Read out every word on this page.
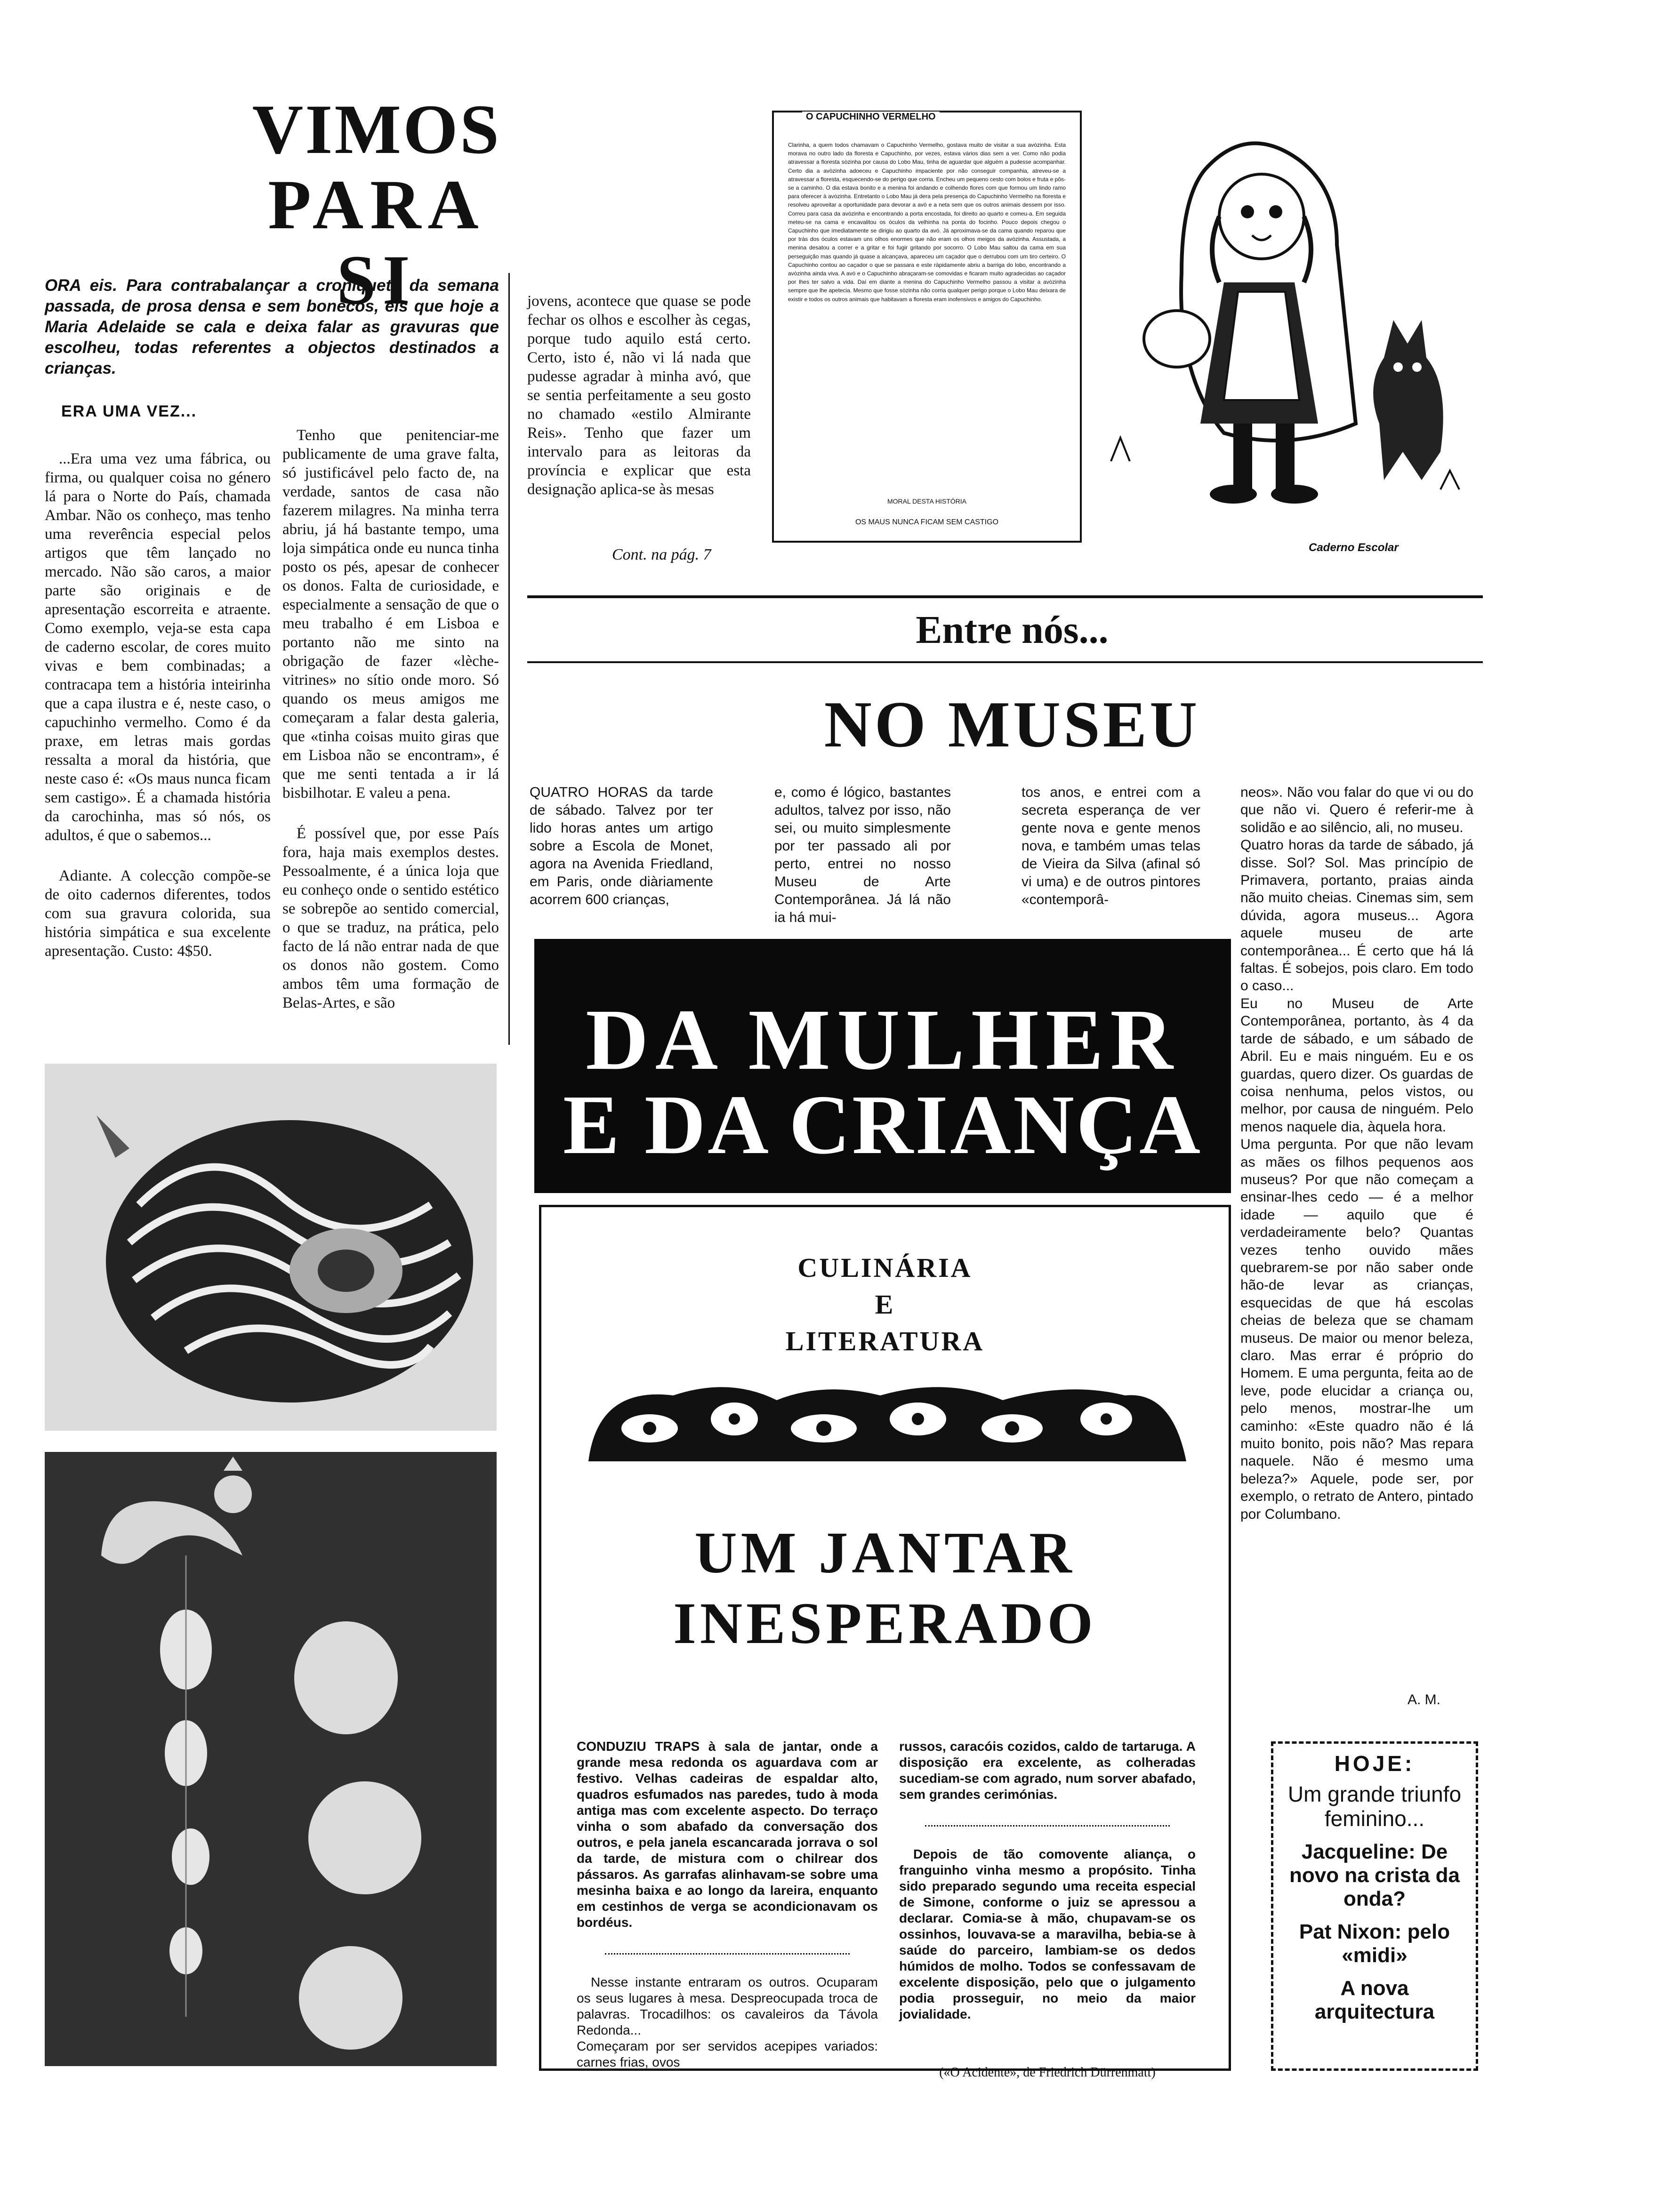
VIMOS
PARA SI
ORA eis. Para contrabalançar a croniqueta da semana passada, de prosa densa e sem bonecos, eis que hoje a Maria Adelaide se cala e deixa falar as gravuras que escolheu, todas referentes a objectos destinados a crianças.
ERA UMA VEZ...

...Era uma vez uma fábrica, ou firma, ou qualquer coisa no género lá para o Norte do País, chamada Ambar. Não os conheço, mas tenho uma reverência especial pelos artigos que têm lançado no mercado. Não são caros, a maior parte são originais e de apresentação escorreita e atraente. Como exemplo, veja-se esta capa de caderno escolar, de cores muito vivas e bem combinadas; a contracapa tem a história inteirinha que a capa ilustra e é, neste caso, o capuchinho vermelho. Como é da praxe, em letras mais gordas ressalta a moral da história, que neste caso é: «Os maus nunca ficam sem castigo». É a chamada história da carochinha, mas só nós, os adultos, é que o sabemos...

Adiante. A colecção compõe-se de oito cadernos diferentes, todos com sua gravura colorida, sua história simpática e sua excelente apresentação. Custo: 4$50.

Tenho que penitenciar-me publicamente de uma grave falta, só justificável pelo facto de, na verdade, santos de casa não fazerem milagres. Na minha terra abriu, já há bastante tempo, uma loja simpática onde eu nunca tinha posto os pés, apesar de conhecer os donos. Falta de curiosidade, e especialmente a sensação de que o meu trabalho é em Lisboa e portanto não me sinto na obrigação de fazer «lèche-vitrines» no sítio onde moro. Só quando os meus amigos me começaram a falar desta galeria, que «tinha coisas muito giras que em Lisboa não se encontram», é que me senti tentada a ir lá bisbilhotar. E valeu a pena.

É possível que, por esse País fora, haja mais exemplos destes. Pessoalmente, é a única loja que eu conheço onde o sentido estético se sobrepõe ao sentido comercial, o que se traduz, na prática, pelo facto de lá não entrar nada de que os donos não gostem. Como ambos têm uma formação de Belas-Artes, e são

jovens, acontece que quase se pode fechar os olhos e escolher às cegas, porque tudo aquilo está certo. Certo, isto é, não vi lá nada que pudesse agradar à minha avó, que se sentia perfeitamente a seu gosto no chamado «estilo Almirante Reis». Tenho que fazer um intervalo para as leitoras da província e explicar que esta designação aplica-se às mesas

Cont. na pág. 7
O CAPUCHINHO VERMELHO
Clarinha, a quem todos chamavam o Capuchinho Vermelho, gostava muito de visitar a sua avòzinha. Esta morava no outro lado da floresta e Capuchinho, por vezes, estava vários dias sem a ver. Como não podia atravessar a floresta sòzinha por causa do Lobo Mau, tinha de aguardar que alguém a pudesse acompanhar. Certo dia a avòzinha adoeceu e Capuchinho impaciente por não conseguir companhia, atreveu-se a atravessar a floresta, esquecendo-se do perigo que corria. Encheu um pequeno cesto com bolos e fruta e pôs-se a caminho. O dia estava bonito e a menina foi andando e colhendo flores com que formou um lindo ramo para oferecer à avòzinha. Entretanto o Lobo Mau já dera pela presença do Capuchinho Vermelho na floresta e resolveu aproveitar a oportunidade para devorar a avó e a neta sem que os outros animais dessem por isso. Correu para casa da avòzinha e encontrando a porta encostada, foi direito ao quarto e comeu-a. Em seguida meteu-se na cama e encavalitou os óculos da velhinha na ponta do focinho. Pouco depois chegou o Capuchinho que imediatamente se dirigiu ao quarto da avó. Já aproximava-se da cama quando reparou que por trás dos óculos estavam uns olhos enormes que não eram os olhos meigos da avòzinha. Assustada, a menina desatou a correr e a gritar e foi fugir gritando por socorro. O Lobo Mau saltou da cama em sua perseguição mas quando já quase a alcançava, apareceu um caçador que o derrubou com um tiro certeiro. O Capuchinho contou ao caçador o que se passara e este ràpidamente abriu a barriga do lobo, encontrando a avòzinha ainda viva. A avó e o Capuchinho abraçaram-se comovidas e ficaram muito agradecidas ao caçador por lhes ter salvo a vida. Daí em diante a menina do Capuchinho Vermelho passou a visitar a avòzinha sempre que lhe apetecia. Mesmo que fosse sòzinha não corria qualquer perigo porque o Lobo Mau deixara de existir e todos os outros animais que habitavam a floresta eram inofensivos e amigos do Capuchinho.
MORAL DESTA HISTÓRIA
OS MAUS NUNCA FICAM SEM CASTIGO
Caderno Escolar
Entre nós...
NO MUSEU
QUATRO HORAS da tarde de sábado. Talvez por ter lido horas antes um artigo sobre a Escola de Monet, agora na Avenida Friedland, em Paris, onde diàriamente acorrem 600 crianças,
e, como é lógico, bastantes adultos, talvez por isso, não sei, ou muito simplesmente por ter passado ali por perto, entrei no nosso Museu de Arte Contemporânea. Já lá não ia há mui-
tos anos, e entrei com a secreta esperança de ver gente nova e gente menos nova, e também umas telas de Vieira da Silva (afinal só vi uma) e de outros pintores «contemporâ-
neos». Não vou falar do que vi ou do que não vi. Quero é referir-me à solidão e ao silêncio, ali, no museu.
Quatro horas da tarde de sábado, já disse. Sol? Sol. Mas princípio de Primavera, portanto, praias ainda não muito cheias. Cinemas sim, sem dúvida, agora museus... Agora aquele museu de arte contemporânea... É certo que há lá faltas. É sobejos, pois claro. Em todo o caso...
Eu no Museu de Arte Contemporânea, portanto, às 4 da tarde de sábado, e um sábado de Abril. Eu e mais ninguém. Eu e os guardas, quero dizer. Os guardas de coisa nenhuma, pelos vistos, ou melhor, por causa de ninguém. Pelo menos naquele dia, àquela hora.
Uma pergunta. Por que não levam as mães os filhos pequenos aos museus? Por que não começam a ensinar-lhes cedo — é a melhor idade — aquilo que é verdadeiramente belo? Quantas vezes tenho ouvido mães quebrarem-se por não saber onde hão-de levar as crianças, esquecidas de que há escolas cheias de beleza que se chamam museus. De maior ou menor beleza, claro. Mas errar é próprio do Homem. E uma pergunta, feita ao de leve, pode elucidar a criança ou, pelo menos, mostrar-lhe um caminho: «Este quadro não é lá muito bonito, pois não? Mas repara naquele. Não é mesmo uma beleza?» Aquele, pode ser, por exemplo, o retrato de Antero, pintado por Columbano.
A. M.
DA MULHER
E DA CRIANÇA
CULINÁRIA
E
LITERATURA
UM JANTAR
INESPERADO

CONDUZIU TRAPS à sala de jantar, onde a grande mesa redonda os aguardava com ar festivo. Velhas cadeiras de espaldar alto, quadros esfumados nas paredes, tudo à moda antiga mas com excelente aspecto. Do terraço vinha o som abafado da conversação dos outros, e pela janela escancarada jorrava o sol da tarde, de mistura com o chilrear dos pássaros. As garrafas alinhavam-se sobre uma mesinha baixa e ao longo da lareira, enquanto em cestinhos de verga se acondicionavam os bordéus.

Nesse instante entraram os outros. Ocuparam os seus lugares à mesa. Despreocupada troca de palavras. Trocadilhos: os cavaleiros da Távola Redonda...
Começaram por ser servidos acepipes variados: carnes frias, ovos

russos, caracóis cozidos, caldo de tartaruga. A disposição era excelente, as colheradas sucediam-se com agrado, num sorver abafado, sem grandes cerimónias.

Depois de tão comovente aliança, o franguinho vinha mesmo a propósito. Tinha sido preparado segundo uma receita especial de Simone, conforme o juiz se apressou a declarar. Comia-se à mão, chupavam-se os ossinhos, louvava-se a maravilha, bebia-se à saúde do parceiro, lambiam-se os dedos húmidos de molho. Todos se confessavam de excelente disposição, pelo que o julgamento podia prosseguir, no meio da maior jovialidade.

(«O Acidente», de Friedrich Dürrenmatt)

HOJE:
Um grande triunfo feminino...
Jacqueline: De novo na crista da onda?
Pat Nixon: pelo «midi»
A nova arquitectura
